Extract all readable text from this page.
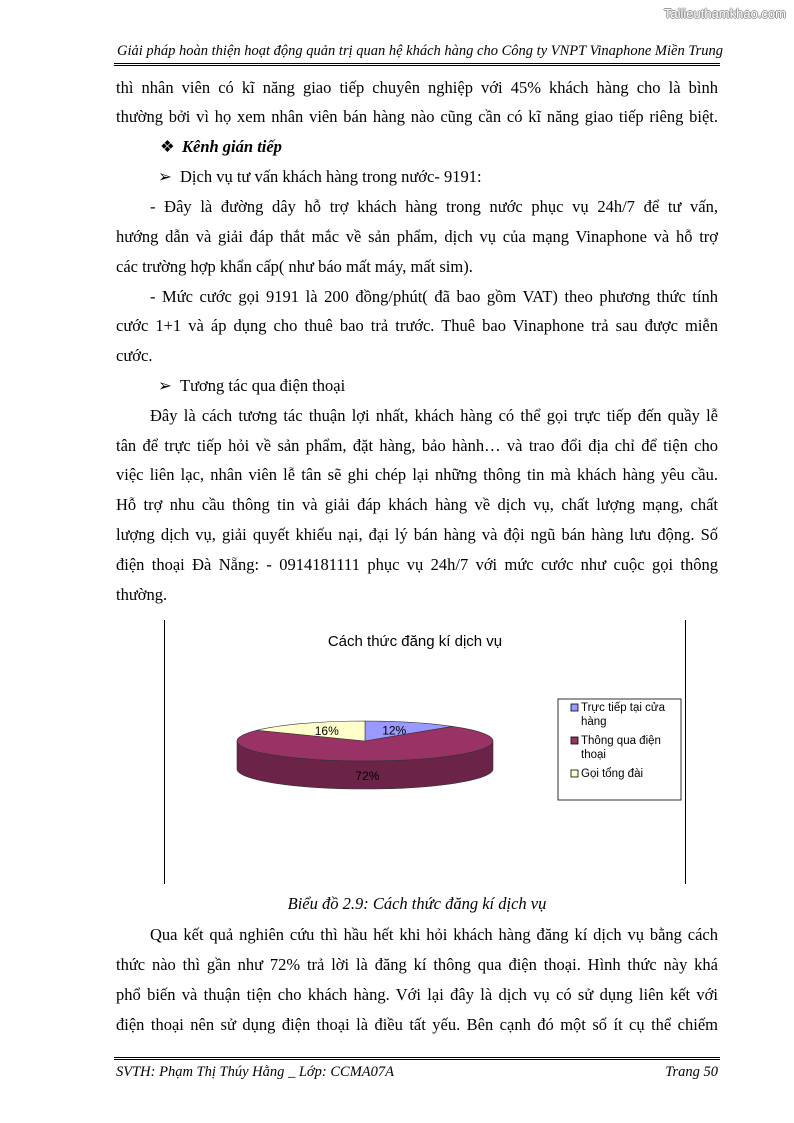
Tailieuthamkhao.com
Giải pháp hoàn thiện hoạt động quản trị quan hệ khách hàng cho Công ty VNPT Vinaphone Miền Trung
thì nhân viên có kĩ năng giao tiếp chuyên nghiệp với 45% khách hàng cho là bình
thường bởi vì họ xem nhân viên bán hàng nào cũng cần có kĩ năng giao tiếp riêng biệt.
❖ Kênh gián tiếp
➢ Dịch vụ tư vấn khách hàng trong nước- 9191:
- Đây là đường dây hỗ trợ khách hàng trong nước phục vụ 24h/7 để tư vấn,
hướng dẫn và giải đáp thắt mắc về sản phẩm, dịch vụ của mạng Vinaphone và hỗ trợ
các trường hợp khẩn cấp( như báo mất máy, mất sim).
- Mức cước gọi 9191 là 200 đồng/phút( đã bao gồm VAT) theo phương thức tính
cước 1+1 và áp dụng cho thuê bao trả trước. Thuê bao Vinaphone trả sau được miễn
cước.
➢ Tương tác qua điện thoại
Đây là cách tương tác thuận lợi nhất, khách hàng có thể gọi trực tiếp đến quầy lễ
tân để trực tiếp hỏi về sản phẩm, đặt hàng, bảo hành… và trao đổi địa chỉ để tiện cho
việc liên lạc, nhân viên lễ tân sẽ ghi chép lại những thông tin mà khách hàng yêu cầu.
Hỗ trợ nhu cầu thông tin và giải đáp khách hàng về dịch vụ, chất lượng mạng, chất
lượng dịch vụ, giải quyết khiếu nại, đại lý bán hàng và đội ngũ bán hàng lưu động. Số
điện thoại Đà Nẵng: - 0914181111 phục vụ 24h/7 với mức cước như cuộc gọi thông
thường.
Cách thức đăng kí dịch vụ
12%
72%
16%
Trực tiếp tại cửa
hàng
Thông qua điện
thoại
Gọi tổng đài
Biểu đồ 2.9: Cách thức đăng kí dịch vụ
Qua kết quả nghiên cứu thì hầu hết khi hỏi khách hàng đăng kí dịch vụ bằng cách
thức nào thì gần như 72% trả lời là đăng kí thông qua điện thoại. Hình thức này khá
phổ biến và thuận tiện cho khách hàng. Với lại đây là dịch vụ có sử dụng liên kết với
điện thoại nên sử dụng điện thoại là điều tất yếu. Bên cạnh đó một số ít cụ thể chiếm
SVTH: Phạm Thị Thúy Hằng _ Lớp: CCMA07A	Trang 50
